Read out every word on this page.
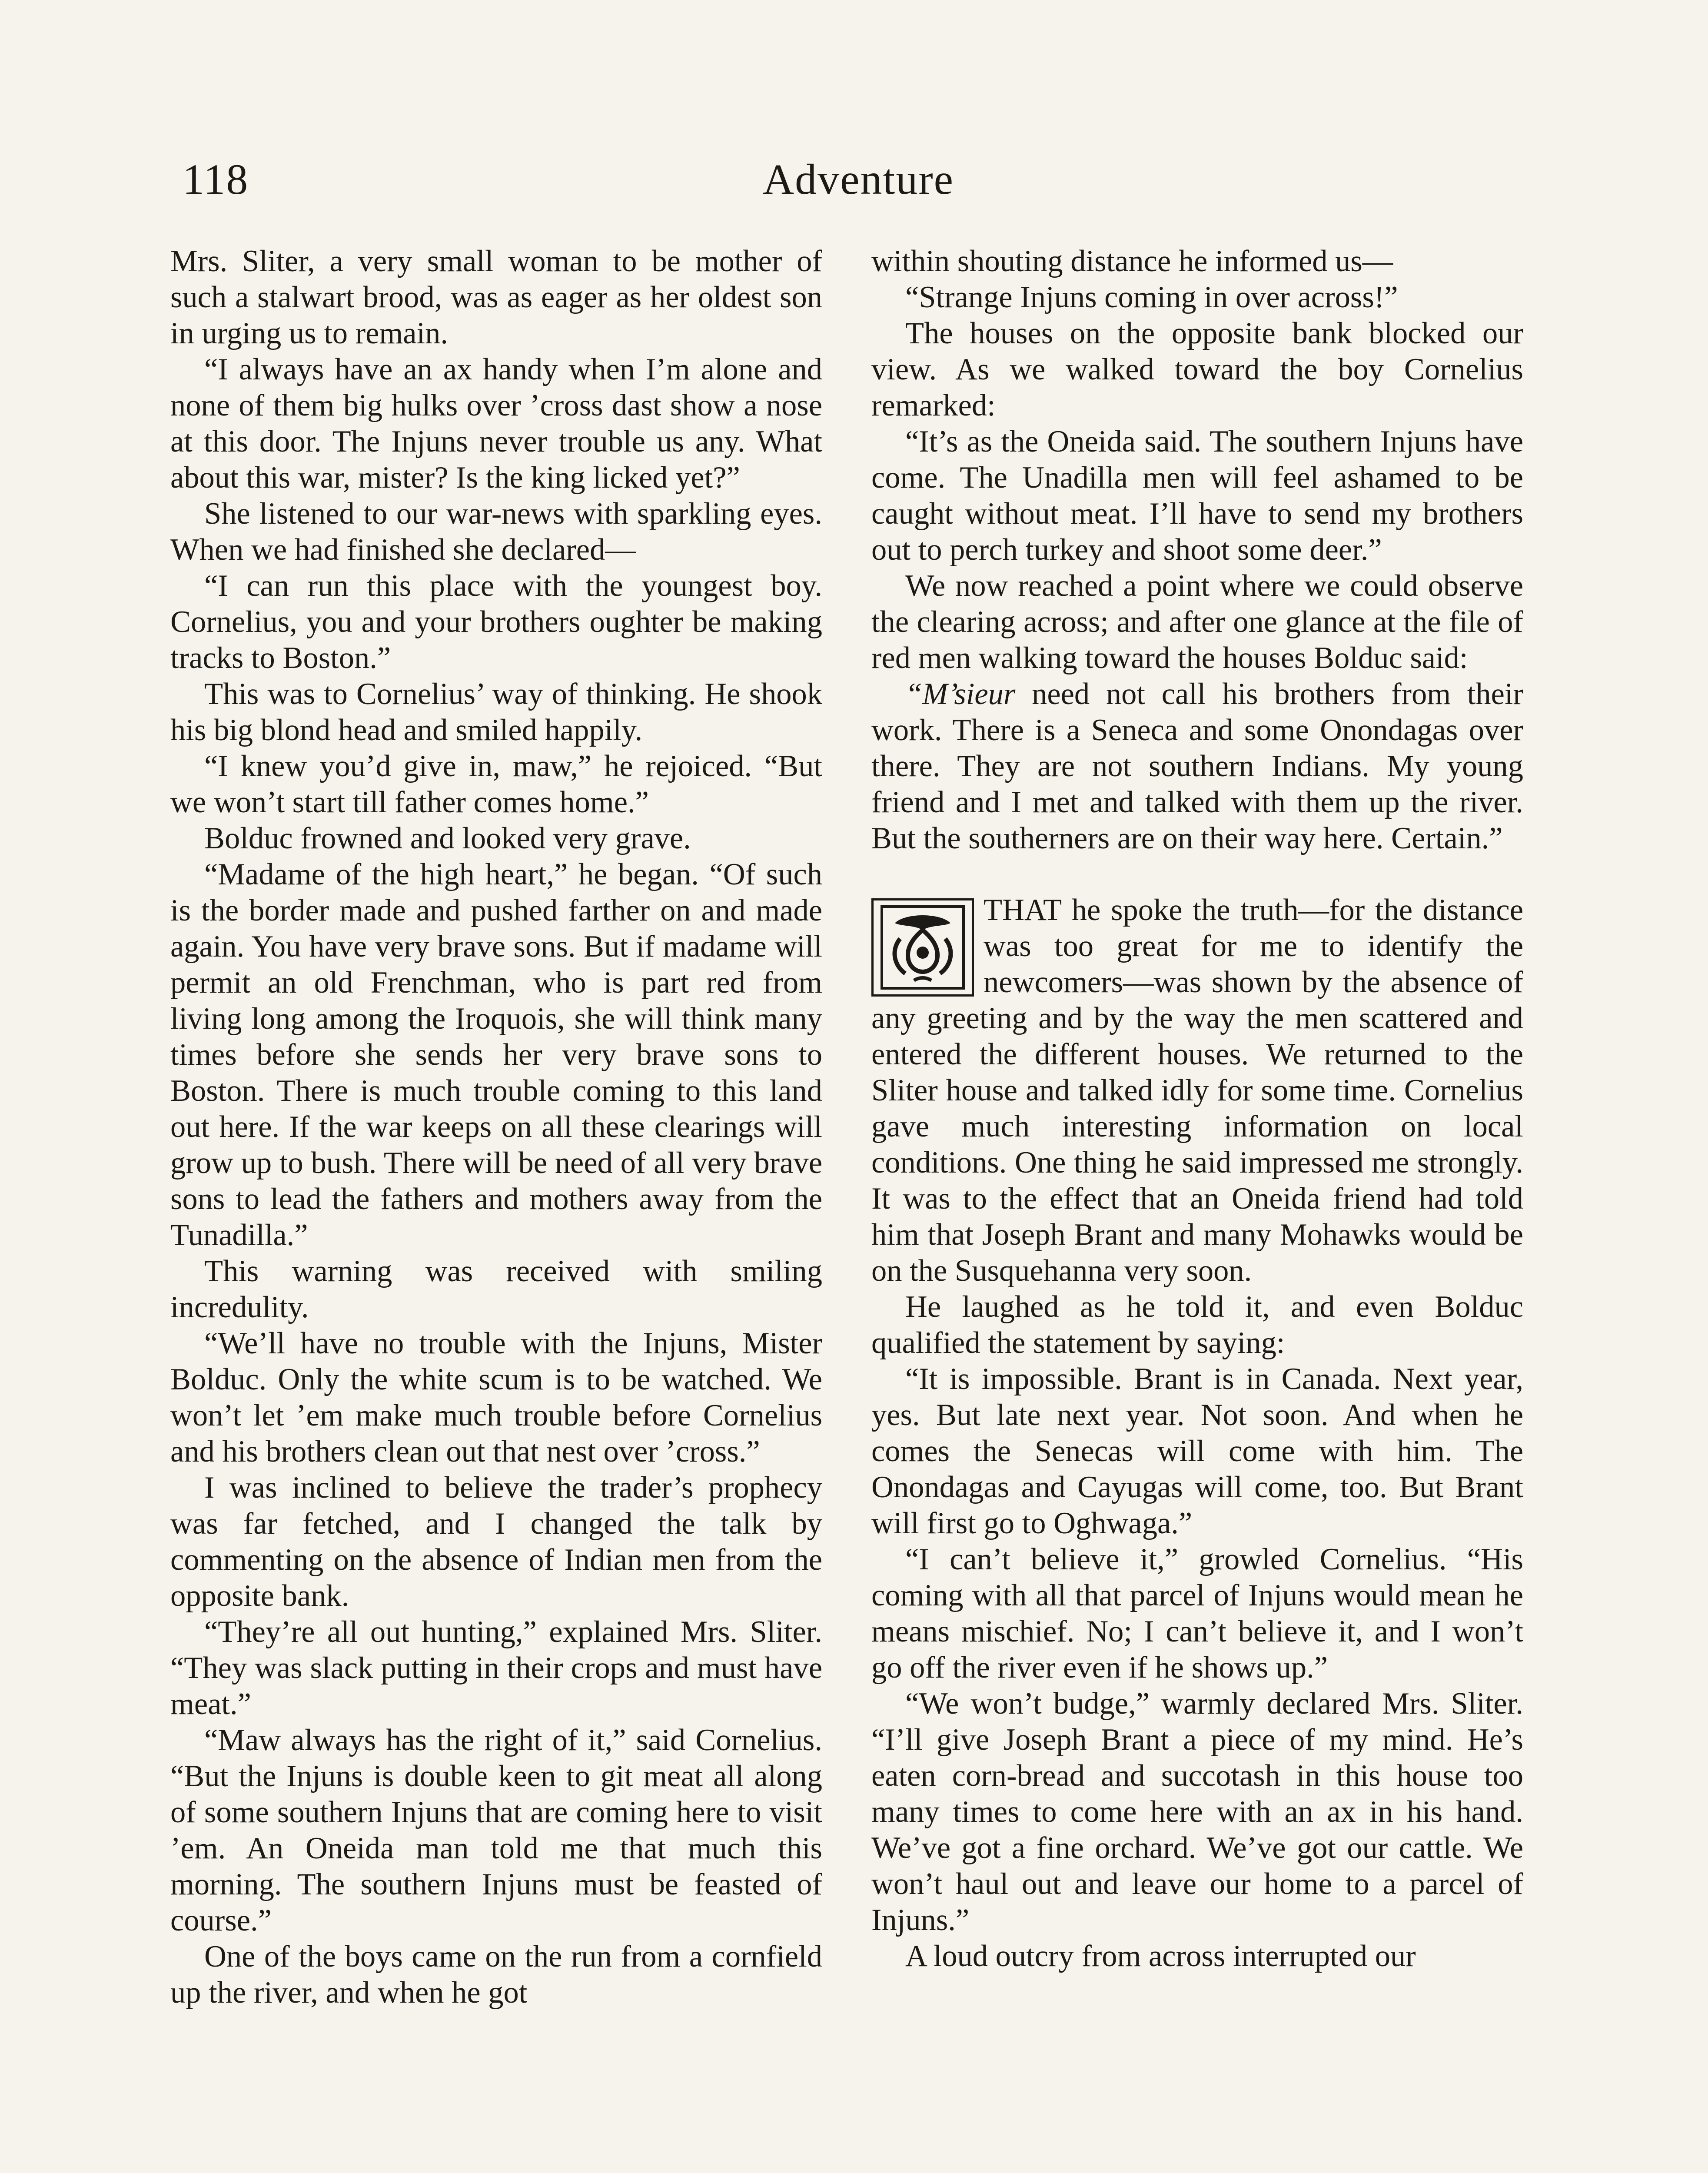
118	Adventure

Mrs. Sliter, a very small woman to be mother of such a stalwart brood, was as eager as her oldest son in urging us to remain.

“I always have an ax handy when I’m alone and none of them big hulks over ’cross dast show a nose at this door. The Injuns never trouble us any. What about this war, mister? Is the king licked yet?”

She listened to our war-news with sparkling eyes. When we had finished she declared—

“I can run this place with the youngest boy. Cornelius, you and your brothers oughter be making tracks to Boston.”

This was to Cornelius’ way of thinking. He shook his big blond head and smiled happily.

“I knew you’d give in, maw,” he rejoiced. “But we won’t start till father comes home.”

Bolduc frowned and looked very grave.

“Madame of the high heart,” he began. “Of such is the border made and pushed farther on and made again. You have very brave sons. But if madame will permit an old Frenchman, who is part red from living long among the Iroquois, she will think many times before she sends her very brave sons to Boston. There is much trouble coming to this land out here. If the war keeps on all these clearings will grow up to bush. There will be need of all very brave sons to lead the fathers and mothers away from the Tunadilla.”

This warning was received with smiling incredulity.

“We’ll have no trouble with the Injuns, Mister Bolduc. Only the white scum is to be watched. We won’t let ’em make much trouble before Cornelius and his brothers clean out that nest over ’cross.”

I was inclined to believe the trader’s prophecy was far fetched, and I changed the talk by commenting on the absence of Indian men from the opposite bank.

“They’re all out hunting,” explained Mrs. Sliter. “They was slack putting in their crops and must have meat.”

“Maw always has the right of it,” said Cornelius. “But the Injuns is double keen to git meat all along of some southern Injuns that are coming here to visit ’em. An Oneida man told me that much this morning. The southern Injuns must be feasted of course.”

One of the boys came on the run from a cornfield up the river, and when he got

within shouting distance he informed us—

“Strange Injuns coming in over across!”

The houses on the opposite bank blocked our view. As we walked toward the boy Cornelius remarked:

“It’s as the Oneida said. The southern Injuns have come. The Unadilla men will feel ashamed to be caught without meat. I’ll have to send my brothers out to perch turkey and shoot some deer.”

We now reached a point where we could observe the clearing across; and after one glance at the file of red men walking toward the houses Bolduc said:

“M’sieur need not call his brothers from their work. There is a Seneca and some Onondagas over there. They are not southern Indians. My young friend and I met and talked with them up the river. But the southerners are on their way here. Certain.”

THAT he spoke the truth—for the distance was too great for me to identify the newcomers—was shown by the absence of any greeting and by the way the men scattered and entered the different houses. We returned to the Sliter house and talked idly for some time. Cornelius gave much interesting information on local conditions. One thing he said impressed me strongly. It was to the effect that an Oneida friend had told him that Joseph Brant and many Mohawks would be on the Susquehanna very soon.

He laughed as he told it, and even Bolduc qualified the statement by saying:

“It is impossible. Brant is in Canada. Next year, yes. But late next year. Not soon. And when he comes the Senecas will come with him. The Onondagas and Cayugas will come, too. But Brant will first go to Oghwaga.”

“I can’t believe it,” growled Cornelius. “His coming with all that parcel of Injuns would mean he means mischief. No; I can’t believe it, and I won’t go off the river even if he shows up.”

“We won’t budge,” warmly declared Mrs. Sliter. “I’ll give Joseph Brant a piece of my mind. He’s eaten corn-bread and succotash in this house too many times to come here with an ax in his hand. We’ve got a fine orchard. We’ve got our cattle. We won’t haul out and leave our home to a parcel of Injuns.”

A loud outcry from across interrupted our
